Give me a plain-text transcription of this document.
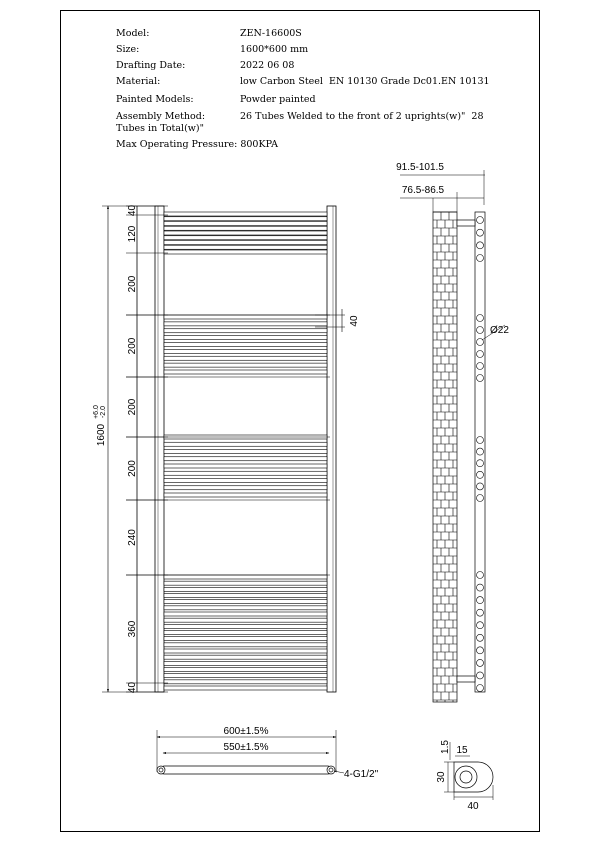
Model:

	ZEN-16600S

Size:

	1600*600 mm

Drafting Date:

	2022 06 08

Material:

	low Carbon Steel  EN 10130 Grade Dc01.EN 10131

Painted Models:

	Powder painted

Assembly Method:

	26 Tubes Welded to the front of 2 uprights(w)"  28

Tubes in Total(w)"

Max Operating Pressure: 800KPA

40
120
200
200
200
200
240
360
40
1600
+6.0 -2.0
40
91.5-101.5
76.5-86.5
Ø22
600±1.5%
550±1.5%
4-G1/2"
1.5 15
30
40
